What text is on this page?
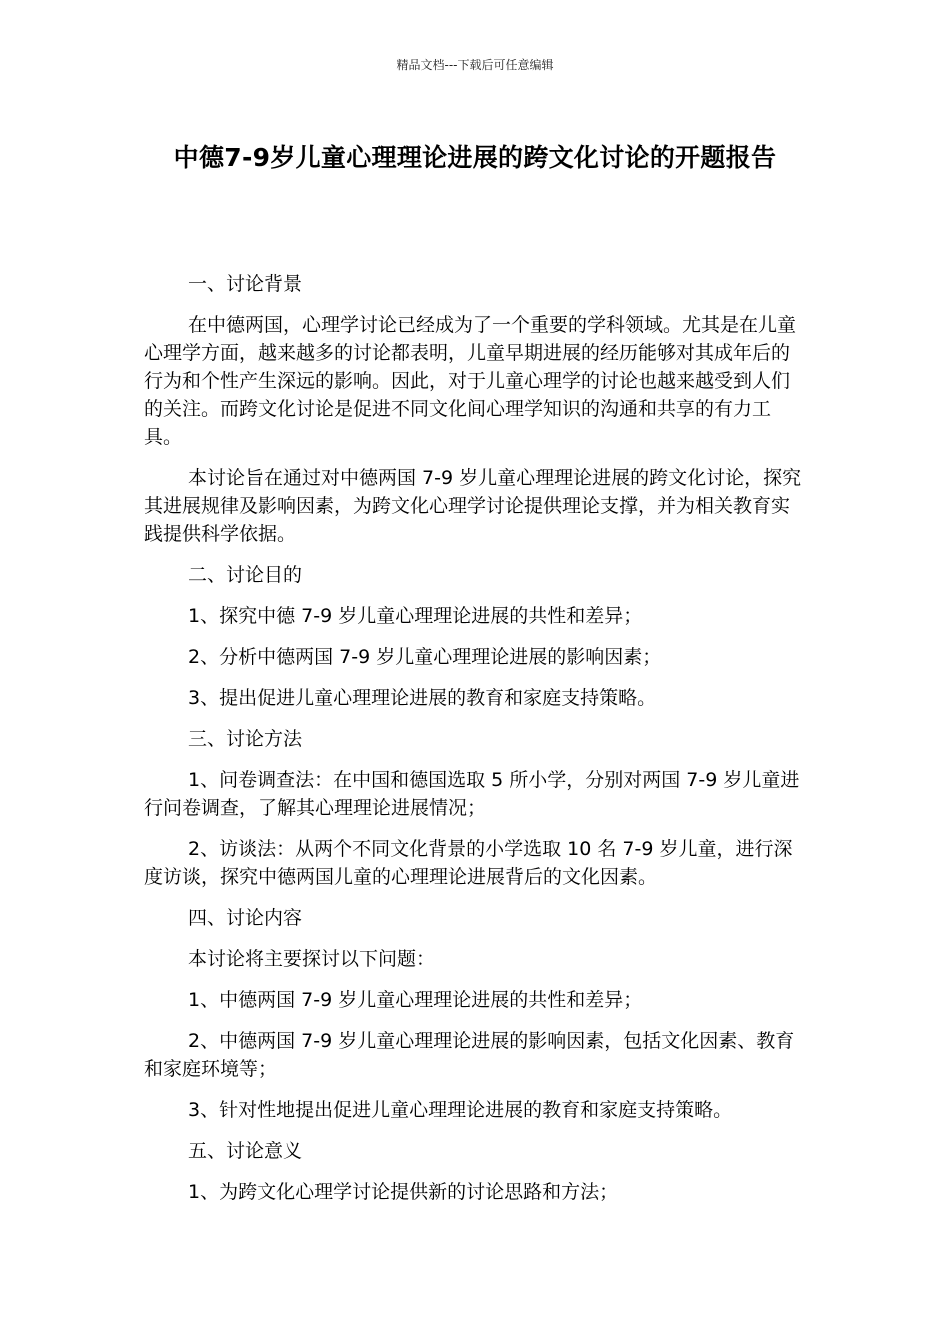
精品文档---下载后可任意编辑
中德7-9岁儿童心理理论进展的跨文化讨论的开题报告

一、讨论背景

在中德两国，心理学讨论已经成为了一个重要的学科领域。尤其是在儿童心理学方面，越来越多的讨论都表明，儿童早期进展的经历能够对其成年后的行为和个性产生深远的影响。因此，对于儿童心理学的讨论也越来越受到人们的关注。而跨文化讨论是促进不同文化间心理学知识的沟通和共享的有力工具。

本讨论旨在通过对中德两国 7-9 岁儿童心理理论进展的跨文化讨论，探究其进展规律及影响因素，为跨文化心理学讨论提供理论支撑，并为相关教育实践提供科学依据。

二、讨论目的

1、探究中德 7-9 岁儿童心理理论进展的共性和差异；

2、分析中德两国 7-9 岁儿童心理理论进展的影响因素；

3、提出促进儿童心理理论进展的教育和家庭支持策略。

三、讨论方法

1、问卷调查法：在中国和德国选取 5 所小学，分别对两国 7-9 岁儿童进行问卷调查，了解其心理理论进展情况；

2、访谈法：从两个不同文化背景的小学选取 10 名 7-9 岁儿童，进行深度访谈，探究中德两国儿童的心理理论进展背后的文化因素。

四、讨论内容

本讨论将主要探讨以下问题：

1、中德两国 7-9 岁儿童心理理论进展的共性和差异；

2、中德两国 7-9 岁儿童心理理论进展的影响因素，包括文化因素、教育和家庭环境等；

3、针对性地提出促进儿童心理理论进展的教育和家庭支持策略。

五、讨论意义

1、为跨文化心理学讨论提供新的讨论思路和方法；
